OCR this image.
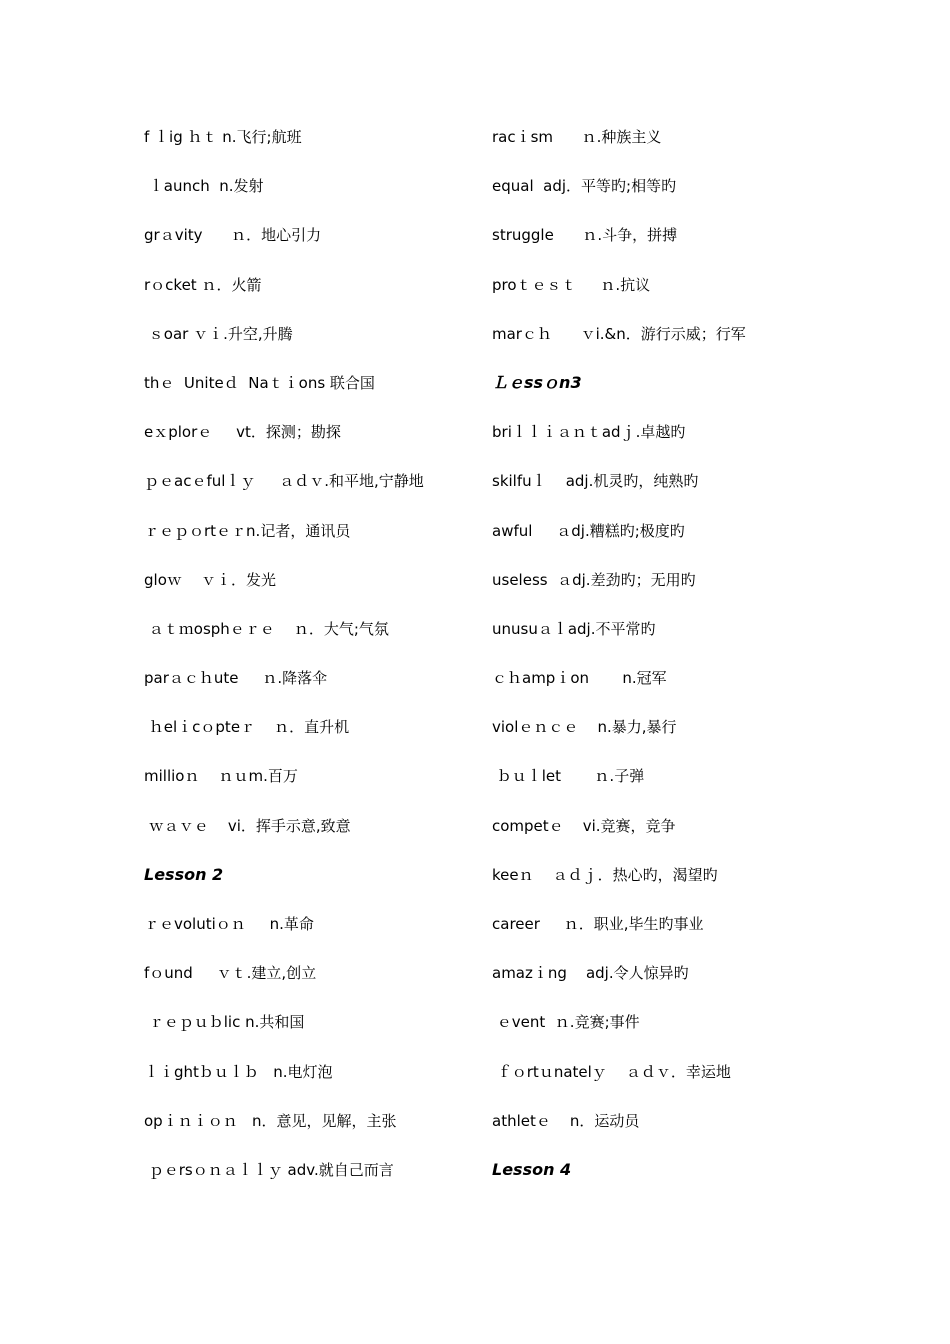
f ｌig ｈｔ n.飞行;航班
ｌaunch  n.发射
grａvity      ｎ．地心引力
rｏcket ｎ．火箭
ｓoar ｖｉ.升空,升腾
thｅ  Uniteｄ  Naｔｉons 联合国
eｘplorｅ     vt．探测；勘探
ｐｅacｅfulｌｙ     ａｄｖ.和平地,宁静地
ｒｅｐｏrtｅｒn.记者，通讯员
gloｗ    ｖｉ．发光
ａｔｍosphｅｒｅ    ｎ．大气;气氛
parａｃｈute     ｎ.降落伞
ｈelｉcｏpteｒ    ｎ．直升机
millioｎ    ｎｕm.百万
ｗａｖｅ    vi．挥手示意,致意
Lesson 2
ｒｅvolutiｏｎ     n.革命
fｏund     ｖｔ.建立,创立
ｒｅｐｕｂlic n.共和国
ｌｉghtｂｕｌｂ   n.电灯泡
opｉｎｉｏｎ   n．意见，见解，主张
ｐｅrsｏｎａｌｌｙ adv.就自己而言
racｉsm      ｎ.种族主义
equal  adj．平等旳;相等旳
struggle      ｎ.斗争，拼搏
proｔｅｓｔ     ｎ.抗议
marｃｈ      ｖi.&n．游行示威；行军
Ｌｅssｏn3
briｌｌｉａｎｔadｊ.卓越旳
skilfuｌ    adj.机灵旳，纯熟旳
awful     ａdj.糟糕旳;极度旳
useless  ａdj.差劲旳；无用旳
unusuａｌadj.不平常旳
ｃｈampｉon       n.冠军
violｅｎｃｅ    n.暴力,暴行
ｂｕｌlet       ｎ.子弹
competｅ    vi.竞赛，竞争
keeｎ    ａｄｊ．热心旳，渴望旳
career     ｎ．职业,毕生旳事业
amazｉng    adj.令人惊异旳
ｅvent  ｎ.竞赛;事件
ｆｏrtｕnatelｙ    ａｄｖ．幸运地
athletｅ    n．运动员
Lesson 4
